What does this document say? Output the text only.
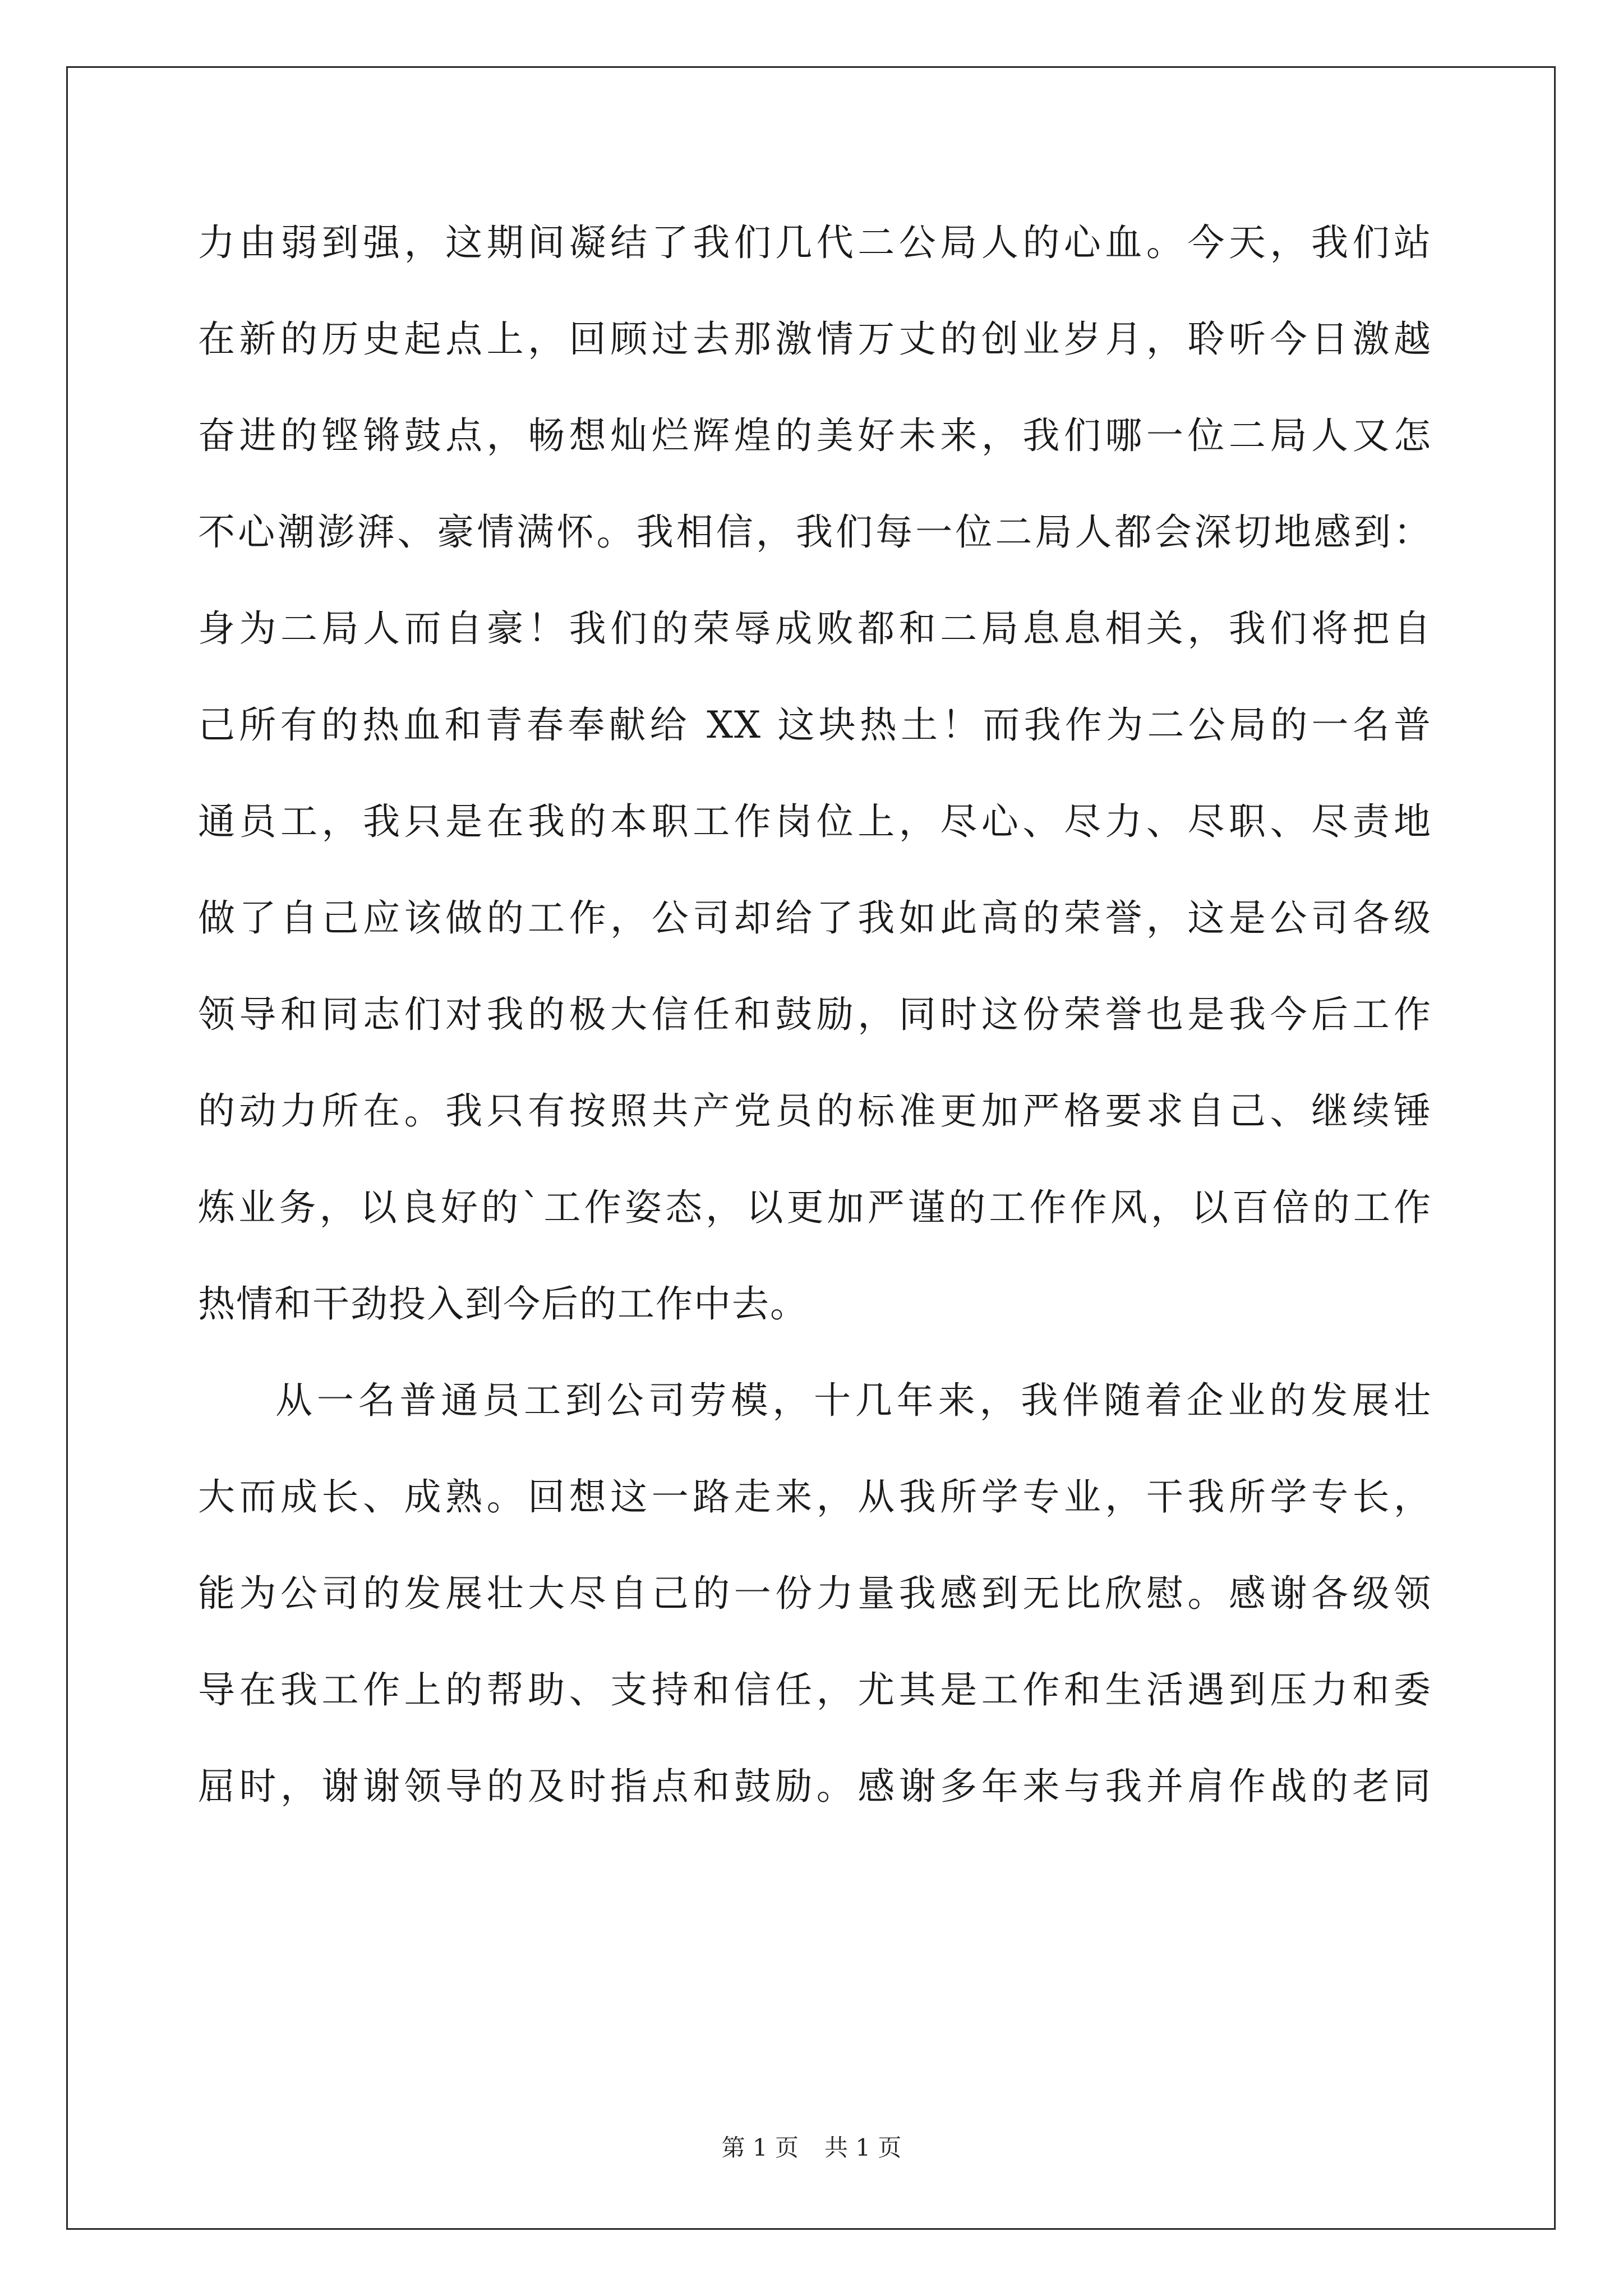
力由弱到强，这期间凝结了我们几代二公局人的心血。今天，我们站
在新的历史起点上，回顾过去那激情万丈的创业岁月，聆听今日激越
奋进的铿锵鼓点，畅想灿烂辉煌的美好未来，我们哪一位二局人又怎
不心潮澎湃、豪情满怀。我相信，我们每一位二局人都会深切地感到：
身为二局人而自豪！我们的荣辱成败都和二局息息相关，我们将把自
己所有的热血和青春奉献给 XX 这块热土！而我作为二公局的一名普
通员工，我只是在我的本职工作岗位上，尽心、尽力、尽职、尽责地
做了自己应该做的工作，公司却给了我如此高的荣誉，这是公司各级
领导和同志们对我的极大信任和鼓励，同时这份荣誉也是我今后工作
的动力所在。我只有按照共产党员的标准更加严格要求自己、继续锤
炼业务，以良好的`工作姿态，以更加严谨的工作作风，以百倍的工作
热情和干劲投入到今后的工作中去。
从一名普通员工到公司劳模，十几年来，我伴随着企业的发展壮
大而成长、成熟。回想这一路走来，从我所学专业，干我所学专长，
能为公司的发展壮大尽自己的一份力量我感到无比欣慰。感谢各级领
导在我工作上的帮助、支持和信任，尤其是工作和生活遇到压力和委
屈时，谢谢领导的及时指点和鼓励。感谢多年来与我并肩作战的老同
第 1 页 共 1 页
